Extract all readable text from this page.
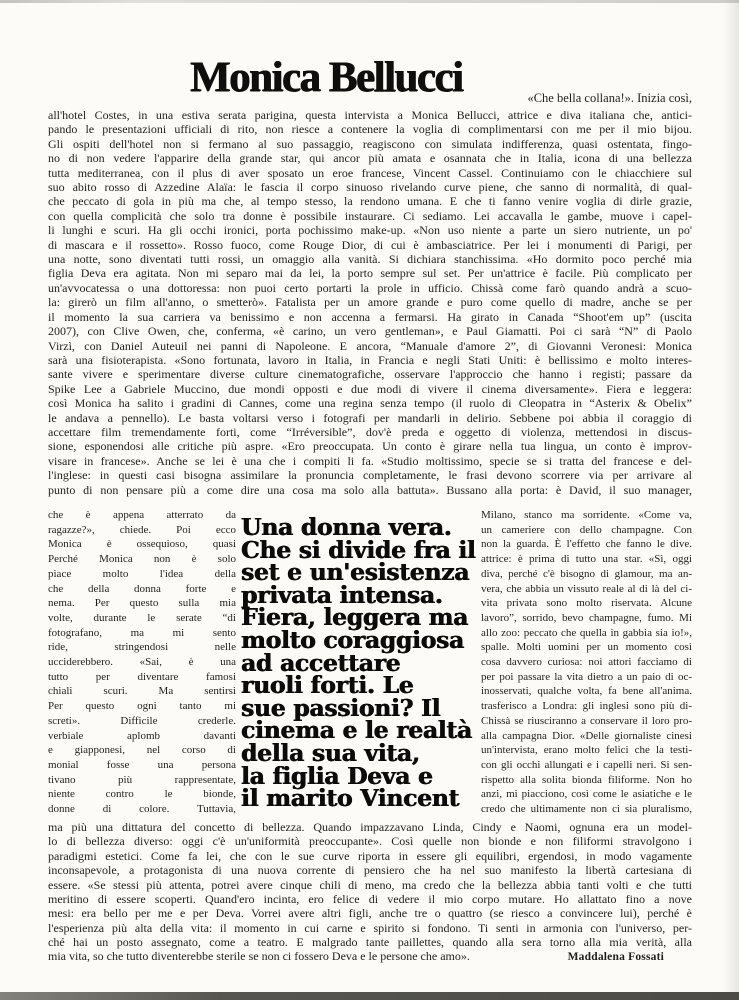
Monica Bellucci	«Che bella collana!». Inizia così,
all'hotel Costes, in una estiva serata parigina, questa intervista a Monica Bellucci, attrice e diva italiana che, antici-
pando le presentazioni ufficiali di rito, non riesce a contenere la voglia di complimentarsi con me per il mio bijou.
Gli ospiti dell'hotel non si fermano al suo passaggio, reagiscono con simulata indifferenza, quasi ostentata, fingo-
no di non vedere l'apparire della grande star, qui ancor più amata e osannata che in Italia, icona di una bellezza
tutta mediterranea, con il plus di aver sposato un eroe francese, Vincent Cassel. Continuiamo con le chiacchiere sul
suo abito rosso di Azzedine Alaïa: le fascia il corpo sinuoso rivelando curve piene, che sanno di normalità, di qual-
che peccato di gola in più ma che, al tempo stesso, la rendono umana. E che ti fanno venire voglia di dirle grazie,
con quella complicità che solo tra donne è possibile instaurare. Ci sediamo. Lei accavalla le gambe, muove i capel-
li lunghi e scuri. Ha gli occhi ironici, porta pochissimo make-up. «Non uso niente a parte un siero nutriente, un po'
di mascara e il rossetto». Rosso fuoco, come Rouge Dior, di cui è ambasciatrice. Per lei i monumenti di Parigi, per
una notte, sono diventati tutti rossi, un omaggio alla vanità. Si dichiara stanchissima. «Ho dormito poco perché mia
figlia Deva era agitata. Non mi separo mai da lei, la porto sempre sul set. Per un'attrice è facile. Più complicato per
un'avvocatessa o una dottoressa: non puoi certo portarti la prole in ufficio. Chissà come farò quando andrà a scuo-
la: girerò un film all'anno, o smetterò». Fatalista per un amore grande e puro come quello di madre, anche se per
il momento la sua carriera va benissimo e non accenna a fermarsi. Ha girato in Canada “Shoot'em up” (uscita
2007), con Clive Owen, che, conferma, «è carino, un vero gentleman», e Paul Giamatti. Poi ci sarà “N” di Paolo
Virzì, con Daniel Auteuil nei panni di Napoleone. E ancora, “Manuale d'amore 2”, di Giovanni Veronesi: Monica
sarà una fisioterapista. «Sono fortunata, lavoro in Italia, in Francia e negli Stati Uniti: è bellissimo e molto interes-
sante vivere e sperimentare diverse culture cinematografiche, osservare l'approccio che hanno i registi; passare da
Spike Lee a Gabriele Muccino, due mondi opposti e due modi di vivere il cinema diversamente». Fiera e leggera:
così Monica ha salito i gradini di Cannes, come una regina senza tempo (il ruolo di Cleopatra in “Asterix & Obelix”
le andava a pennello). Le basta voltarsi verso i fotografi per mandarli in delirio. Sebbene poi abbia il coraggio di
accettare film tremendamente forti, come “Irréversible”, dov'è preda e oggetto di violenza, mettendosi in discus-
sione, esponendosi alle critiche più aspre. «Ero preoccupata. Un conto è girare nella tua lingua, un conto è improv-
visare in francese». Anche se lei è una che i compiti li fa. «Studio moltissimo, specie se si tratta del francese e del-
l'inglese: in questi casi bisogna assimilare la pronuncia completamente, le frasi devono scorrere via per arrivare al
punto di non pensare più a come dire una cosa ma solo alla battuta». Bussano alla porta: è David, il suo manager,
che è appena atterrato da
ragazze?», chiede. Poi ecco
Monica è ossequioso, quasi
Perché Monica non è solo
piace molto l'idea della
che della donna forte e
nema. Per questo sulla mia
volte, durante le serate “di
fotografano, ma mi sento
ride, stringendosi nelle
ucciderebbero. «Sai, è una
tutto per diventare famosi
chiali scuri. Ma sentirsi
Per questo ogni tanto mi
screti». Difficile crederle.
verbiale aplomb davanti
e giapponesi, nel corso di
monial fosse una persona
tivano più rappresentate,
niente contro le bionde,
donne di colore. Tuttavia,
Una donna vera.
Che si divide fra il
set e un'esistenza
privata intensa.
Fiera, leggera ma
molto coraggiosa
ad accettare
ruoli forti. Le
sue passioni? Il
cinema e le realtà
della sua vita,
la figlia Deva e
il marito Vincent
Milano, stanco ma sorridente. «Come va,
un cameriere con dello champagne. Con
non la guarda. È l'effetto che fanno le dive.
attrice: è prima di tutto una star. «Sì, oggi
diva, perché c'è bisogno di glamour, ma an-
vera, che abbia un vissuto reale al di là del ci-
vita privata sono molto riservata. Alcune
lavoro”, sorrido, bevo champagne, fumo. Mi
allo zoo: peccato che quella in gabbia sia io!»,
spalle. Molti uomini per un momento così
cosa davvero curiosa: noi attori facciamo di
per poi passare la vita dietro a un paio di oc-
inosservati, qualche volta, fa bene all'anima.
trasferisco a Londra: gli inglesi sono più di-
Chissà se riusciranno a conservare il loro pro-
alla campagna Dior. «Delle giornaliste cinesi
un'intervista, erano molto felici che la testi-
con gli occhi allungati e i capelli neri. Si sen-
rispetto alla solita bionda filiforme. Non ho
anzi, mi piacciono, così come le asiatiche e le
credo che ultimamente non ci sia pluralismo,
ma più una dittatura del concetto di bellezza. Quando impazzavano Linda, Cindy e Naomi, ognuna era un model-
lo di bellezza diverso: oggi c'è un'uniformità preoccupante». Così quelle non bionde e non filiformi stravolgono i
paradigmi estetici. Come fa lei, che con le sue curve riporta in essere gli equilibri, ergendosi, in modo vagamente
inconsapevole, a protagonista di una nuova corrente di pensiero che ha nel suo manifesto la libertà cartesiana di
essere. «Se stessi più attenta, potrei avere cinque chili di meno, ma credo che la bellezza abbia tanti volti e che tutti
meritino di essere scoperti. Quand'ero incinta, ero felice di vedere il mio corpo mutare. Ho allattato fino a nove
mesi: era bello per me e per Deva. Vorrei avere altri figli, anche tre o quattro (se riesco a convincere lui), perché è
l'esperienza più alta della vita: il momento in cui carne e spirito si fondono. Ti senti in armonia con l'universo, per-
ché hai un posto assegnato, come a teatro. E malgrado tante paillettes, quando alla sera torno alla mia verità, alla
mia vita, so che tutto diventerebbe sterile se non ci fossero Deva e le persone che amo».	Maddalena Fossati
